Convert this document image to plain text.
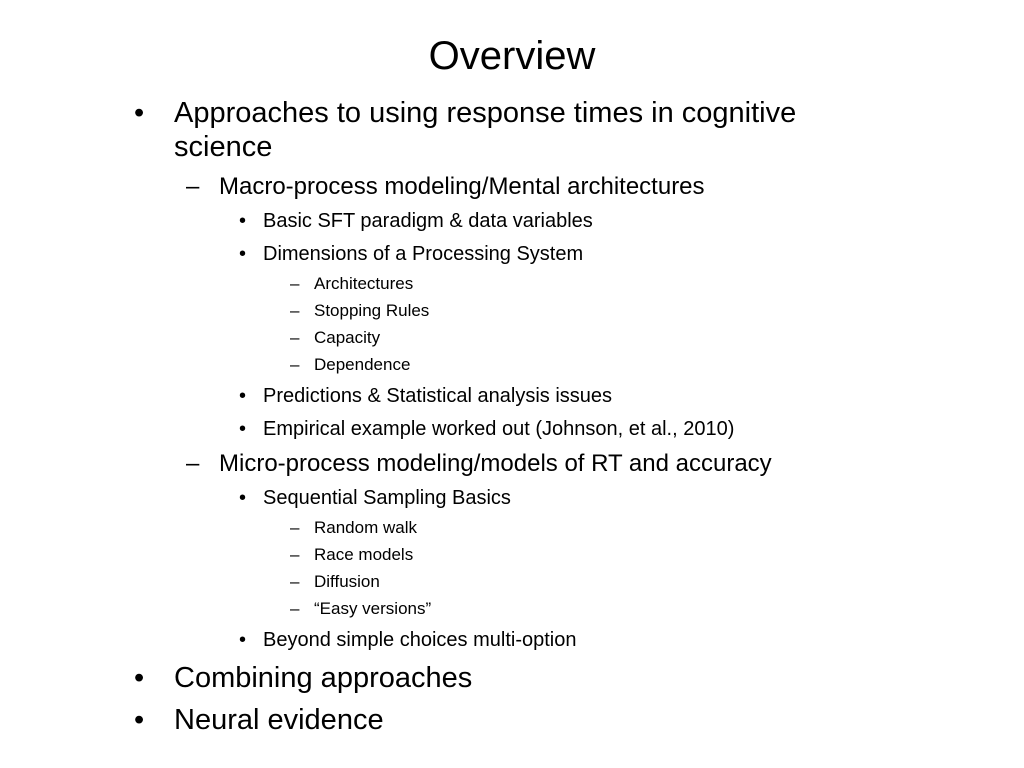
Overview
• Approaches to using response times in cognitive
science
– Macro-process modeling/Mental architectures
• Basic SFT paradigm & data variables
• Dimensions of a Processing System
– Architectures
– Stopping Rules
– Capacity
– Dependence
• Predictions & Statistical analysis issues
• Empirical example worked out (Johnson, et al., 2010)
– Micro-process modeling/models of RT and accuracy
• Sequential Sampling Basics
– Random walk
– Race models
– Diffusion
– “Easy versions”
• Beyond simple choices multi-option
• Combining approaches
• Neural evidence
